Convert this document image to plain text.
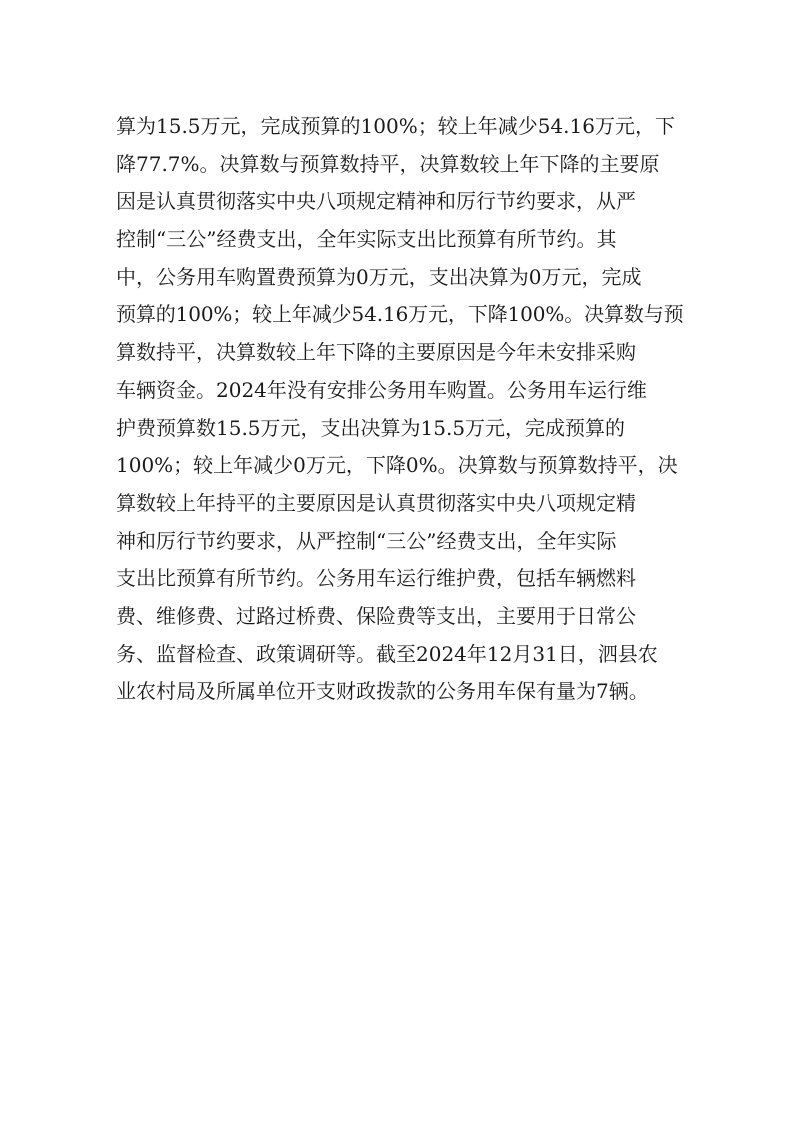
算为15.5万元，完成预算的100%；较上年减少54.16万元，下
降77.7%。决算数与预算数持平，决算数较上年下降的主要原
因是认真贯彻落实中央八项规定精神和厉行节约要求，从严
控制“三公”经费支出，全年实际支出比预算有所节约。其
中，公务用车购置费预算为0万元，支出决算为0万元，完成
预算的100%；较上年减少54.16万元，下降100%。决算数与预
算数持平，决算数较上年下降的主要原因是今年未安排采购
车辆资金。2024年没有安排公务用车购置。公务用车运行维
护费预算数15.5万元，支出决算为15.5万元，完成预算的
100%；较上年减少0万元，下降0%。决算数与预算数持平，决
算数较上年持平的主要原因是认真贯彻落实中央八项规定精
神和厉行节约要求，从严控制“三公”经费支出，全年实际
支出比预算有所节约。公务用车运行维护费，包括车辆燃料
费、维修费、过路过桥费、保险费等支出，主要用于日常公
务、监督检查、政策调研等。截至2024年12月31日，泗县农
业农村局及所属单位开支财政拨款的公务用车保有量为7辆。
